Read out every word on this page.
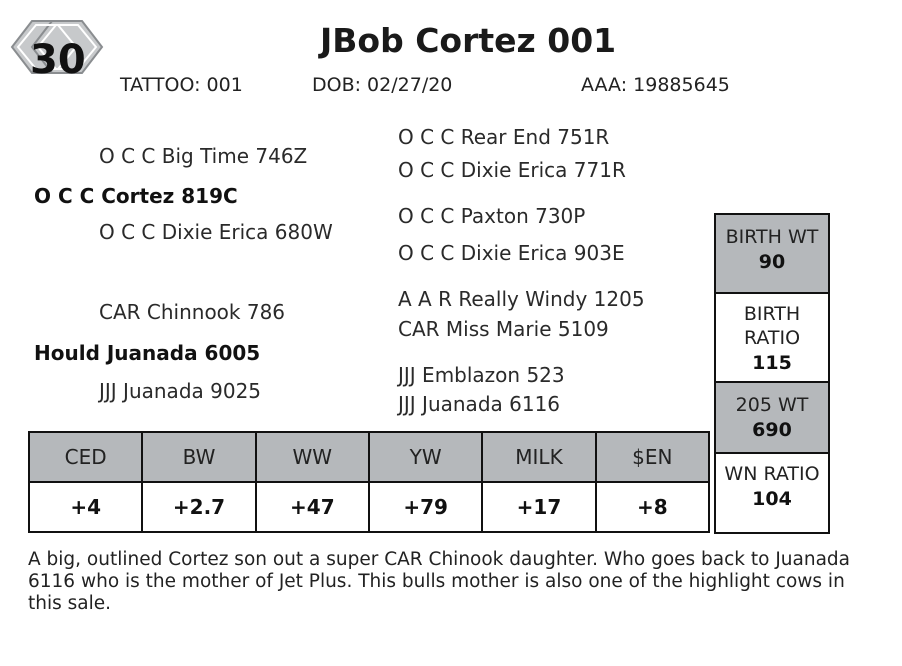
30	JBob Cortez 001
TATTOO: 001	DOB: 02/27/20	AAA: 19885645
O C C Big Time 746Z
O C C Cortez 819C
O C C Dixie Erica 680W
O C C Rear End 751R
O C C Dixie Erica 771R
O C C Paxton 730P
O C C Dixie Erica 903E
CAR Chinnook 786
Hould Juanada 6005
JJJ Juanada 9025
A A R Really Windy 1205
CAR Miss Marie 5109
JJJ Emblazon 523
JJJ Juanada 6116
CED	BW	WW	YW	MILK	$EN
+4	+2.7	+47	+79	+17	+8
BIRTH WT
90
BIRTH
RATIO
115
205 WT
690
WN RATIO
104
A big, outlined Cortez son out a super CAR Chinook daughter. Who goes back to Juanada 6116 who is the mother of Jet Plus. This bulls mother is also one of the highlight cows in this sale.
